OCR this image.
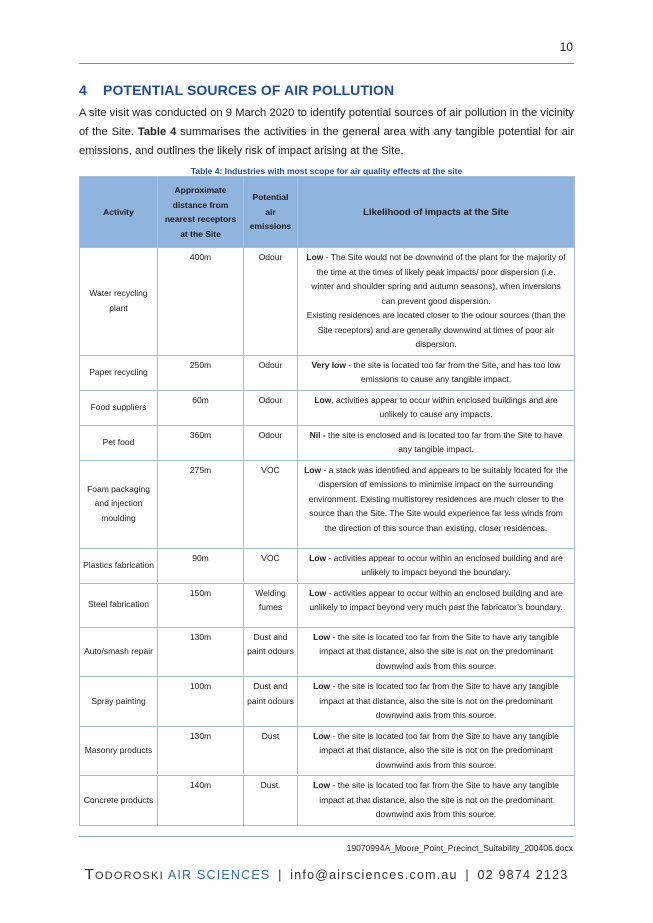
10
4 POTENTIAL SOURCES OF AIR POLLUTION

A site visit was conducted on 9 March 2020 to identify potential sources of air pollution in the vicinity of the Site. Table 4 summarises the activities in the general area with any tangible potential for air emissions, and outlines the likely risk of impact arising at the Site.

Table 4: Industries with most scope for air quality effects at the site
Activity	Approximate distance from nearest receptors at the Site	Potential air emissions	Likelihood of impacts at the Site
Water recycling plant	400m	Odour	Low - The Site would not be downwind of the plant for the majority of the time at the times of likely peak impacts/ poor dispersion (i.e. winter and shoulder spring and autumn seasons), when inversions can prevent good dispersion.
Existing residences are located closer to the odour sources (than the Site receptors) and are generally downwind at times of poor air dispersion.
Paper recycling	250m	Odour	Very low - the site is located too far from the Site, and has too low emissions to cause any tangible impact.
Food suppliers	60m	Odour	Low, activities appear to occur within enclosed buildings and are unlikely to cause any impacts.
Pet food	360m	Odour	Nil - the site is enclosed and is located too far from the Site to have any tangible impact.
Foam packaging and injection moulding	275m	VOC	Low - a stack was identified and appears to be suitably located for the dispersion of emissions to minimise impact on the surrounding environment. Existing multistorey residences are much closer to the source than the Site. The Site would experience far less winds from the direction of this source than existing, closer residences.
Plastics fabrication	90m	VOC	Low - activities appear to occur within an enclosed building and are unlikely to impact beyond the boundary.
Steel fabrication	150m	Welding fumes	Low - activities appear to occur within an enclosed building and are unlikely to impact beyond very much past the fabricator’s boundary.
Auto/smash repair	130m	Dust and paint odours	Low - the site is located too far from the Site to have any tangible impact at that distance, also the site is not on the predominant downwind axis from this source.
Spray painting	100m	Dust and paint odours	Low - the site is located too far from the Site to have any tangible impact at that distance, also the site is not on the predominant downwind axis from this source.
Masonry products	130m	Dust	Low - the site is located too far from the Site to have any tangible impact at that distance, also the site is not on the predominant downwind axis from this source.
Concrete products	140m	Dust.	Low - the site is located too far from the Site to have any tangible impact at that distance, also the site is not on the predominant downwind axis from this source.
19070994A_Moore_Point_Precinct_Suitability_200406.docx
TODOROSKI AIR SCIENCES | info@airsciences.com.au | 02 9874 2123
